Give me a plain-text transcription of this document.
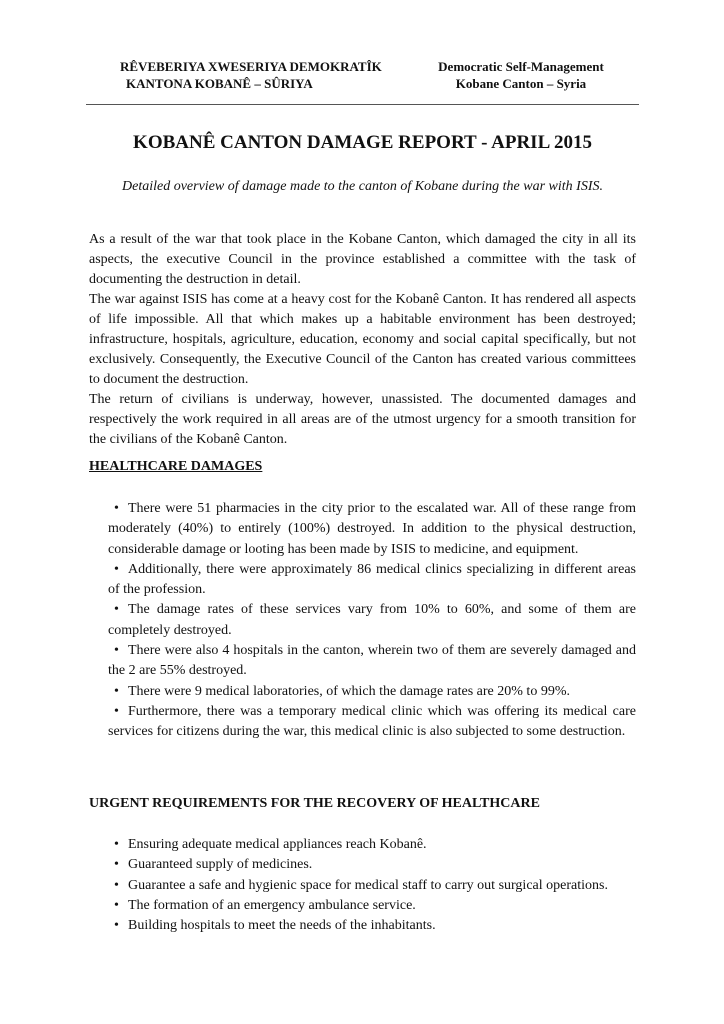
RÊVEBERIYA XWESERIYA DEMOKRATÎK
KANTONA KOBANÊ – SÛRIYA
Democratic Self-Management
Kobane Canton – Syria
KOBANÊ CANTON DAMAGE REPORT - APRIL 2015
Detailed overview of damage made to the canton of Kobane during the war with ISIS.

As a result of the war that took place in the Kobane Canton, which damaged the city in all its aspects, the executive Council in the province established a committee with the task of documenting the destruction in detail.

The war against ISIS has come at a heavy cost for the Kobanê Canton. It has rendered all aspects of life impossible. All that which makes up a habitable environment has been destroyed; infrastructure, hospitals, agriculture, education, economy and social capital specifically, but not exclusively. Consequently, the Executive Council of the Canton has created various committees to document the destruction.

The return of civilians is underway, however, unassisted. The documented damages and respectively the work required in all areas are of the utmost urgency for a smooth transition for the civilians of the Kobanê Canton.

HEALTHCARE DAMAGES
• There were 51 pharmacies in the city prior to the escalated war. All of these range from moderately (40%) to entirely (100%) destroyed. In addition to the physical destruction, considerable damage or looting has been made by ISIS to medicine, and equipment.
• Additionally, there were approximately 86 medical clinics specializing in different areas of the profession.
• The damage rates of these services vary from 10% to 60%, and some of them are completely destroyed.
• There were also 4 hospitals in the canton, wherein two of them are severely damaged and the 2 are 55% destroyed.
• There were 9 medical laboratories, of which the damage rates are 20% to 99%.
• Furthermore, there was a temporary medical clinic which was offering its medical care services for citizens during the war, this medical clinic is also subjected to some destruction.
URGENT REQUIREMENTS FOR THE RECOVERY OF HEALTHCARE
• Ensuring adequate medical appliances reach Kobanê.
• Guaranteed supply of medicines.
• Guarantee a safe and hygienic space for medical staff to carry out surgical operations.
• The formation of an emergency ambulance service.
• Building hospitals to meet the needs of the inhabitants.
